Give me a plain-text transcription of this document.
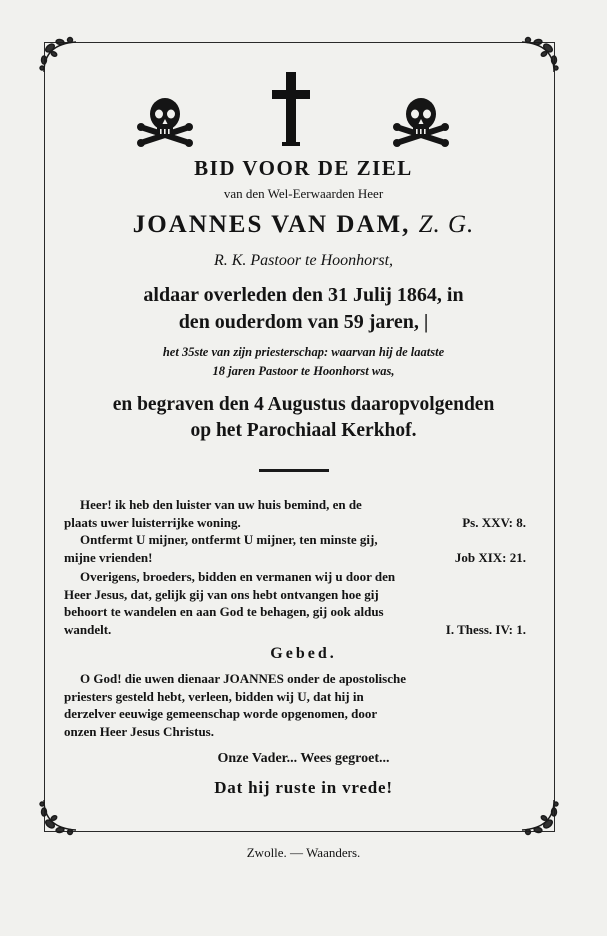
BID VOOR DE ZIEL

van den Wel-Eerwaarden Heer

JOANNES VAN DAM, Z. G.

R. K. Pastoor te Hoonhorst,

aldaar overleden den 31 Julij 1864, in

den ouderdom van 59 jaren, |

het 35ste van zijn priesterschap: waarvan hij de laatste

18 jaren Pastoor te Hoonhorst was,

en begraven den 4 Augustus daaropvolgenden

op het Parochiaal Kerkhof.

Heer! ik heb den luister van uw huis bemind, en de
plaats uwer luisterrijke woning.	Ps. XXV: 8.
Ontfermt U mijner, ontfermt U mijner, ten minste gij,
mijne vrienden!	Job XIX: 21.
Overigens, broeders, bidden en vermanen wij u door den
Heer Jesus, dat, gelijk gij van ons hebt ontvangen hoe gij
behoort te wandelen en aan God te behagen, gij ook aldus
wandelt.	I. Thess. IV: 1.

Gebed.

O God! die uwen dienaar JOANNES onder de apostolische
priesters gesteld hebt, verleen, bidden wij U, dat hij in
derzelver eeuwige gemeenschap worde opgenomen, door
onzen Heer Jesus Christus.

Onze Vader... Wees gegroet...

Dat hij ruste in vrede!

Zwolle. — Waanders.
